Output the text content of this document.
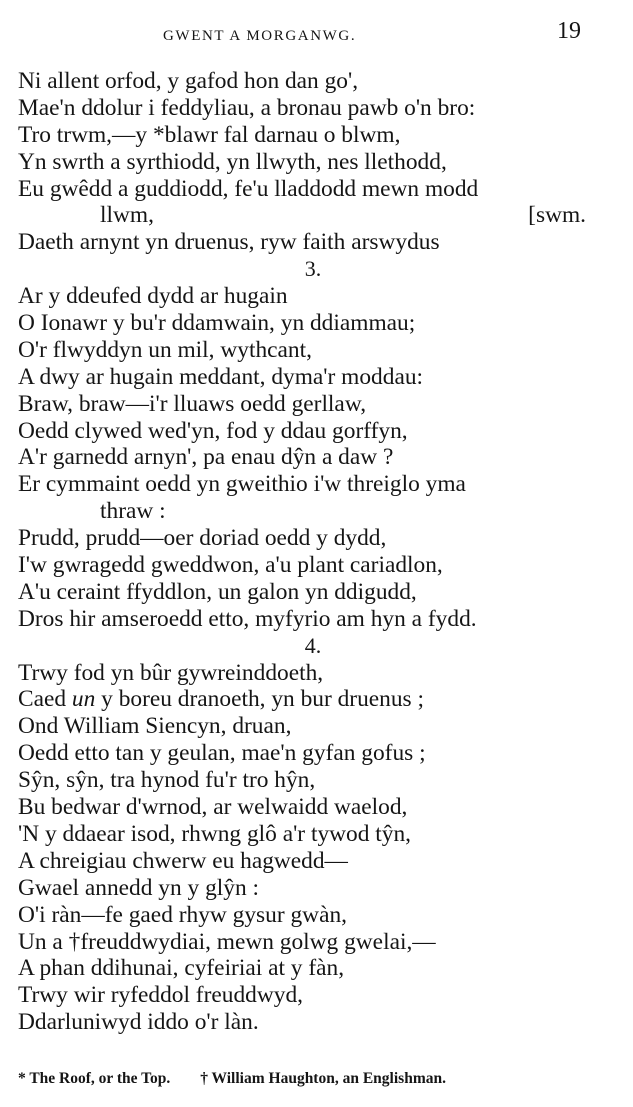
GWENT A MORGANWG.	19
Ni allent orfod, y gafod hon dan go',
Mae'n ddolur i feddyliau, a bronau pawb o'n bro:
Tro trwm,—y *blawr fal darnau o blwm,
Yn swrth a syrthiodd, yn llwyth, nes llethodd,
Eu gwêdd a guddiodd, fe'u lladdodd mewn modd
llwm,	[swm.
Daeth arnynt yn druenus, ryw faith arswydus
3.
Ar y ddeufed dydd ar hugain
O Ionawr y bu'r ddamwain, yn ddiammau;
O'r flwyddyn un mil, wythcant,
A dwy ar hugain meddant, dyma'r moddau:
Braw, braw—i'r lluaws oedd gerllaw,
Oedd clywed wed'yn, fod y ddau gorffyn,
A'r garnedd arnyn', pa enau dŷn a daw ?
Er cymmaint oedd yn gweithio i'w threiglo yma
thraw :
Prudd, prudd—oer doriad oedd y dydd,
I'w gwragedd gweddwon, a'u plant cariadlon,
A'u ceraint ffyddlon, un galon yn ddigudd,
Dros hir amseroedd etto, myfyrio am hyn a fydd.
4.
Trwy fod yn bûr gywreinddoeth,
Caed un y boreu dranoeth, yn bur druenus ;
Ond William Siencyn, druan,
Oedd etto tan y geulan, mae'n gyfan gofus ;
Sŷn, sŷn, tra hynod fu'r tro hŷn,
Bu bedwar d'wrnod, ar welwaidd waelod,
'N y ddaear isod, rhwng glô a'r tywod tŷn,
A chreigiau chwerw eu hagwedd—
Gwael annedd yn y glŷn :
O'i ràn—fe gaed rhyw gysur gwàn,
Un a †freuddwydiai, mewn golwg gwelai,—
A phan ddihunai, cyfeiriai at y fàn,
Trwy wir ryfeddol freuddwyd,
Ddarluniwyd iddo o'r làn.
* The Roof, or the Top. † William Haughton, an Englishman.
